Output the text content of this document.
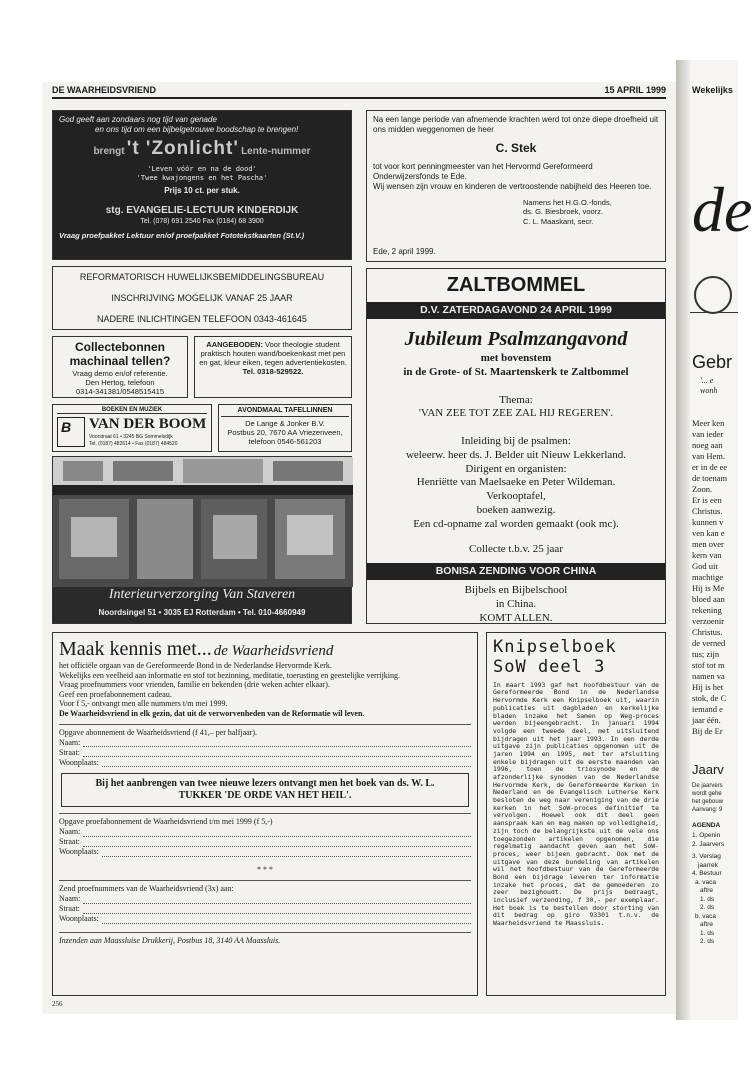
DE WAARHEIDSVRIEND	15 APRIL 1999
God geeft aan zondaars nog tijd van genade
en ons tijd om een bijbelgetrouwe boodschap te brengen!
brengt 't 'Zonlicht' Lente-nummer
'Leven vóór en na de dood'
'Twee kwajongens en het Pascha'
Prijs 10 ct. per stuk.
stg. EVANGELIE-LECTUUR KINDERDIJK
Tel. (078) 691 2540 Fax (0184) 68 3900
Vraag proefpakket Lektuur en/of proefpakket Fototekstkaarten (St.V.)
Na een lange periode van afnemende krachten werd tot onze diepe droefheid uit ons midden weggenomen de heer
C. Stek
tot voor kort penningmeester van het Hervormd Gereformeerd Onderwijzersfonds te Ede.
Wij wensen zijn vrouw en kinderen de vertroostende nabijheid des Heeren toe.
Namens het H.G.O.-fonds,
ds. G. Biesbroek, voorz.
C. L. Maaskant, secr.
Ede, 2 april 1999.
REFORMATORISCH HUWELIJKSBEMIDDELINGSBUREAU
INSCHRIJVING MOGELIJK VANAF 25 JAAR
NADERE INLICHTINGEN TELEFOON 0343-461645
Collectebonnen
machinaal tellen?
Vraag demo en/of referentie.
Den Hertog, telefoon
0314-341381/0548515415
AANGEBODEN: Voor theologie student praktisch houten wand/boekenkast met pen en gat, kleur eiken, tegen advertentiekosten.
Tel. 0318-529522.
BOEKEN EN MUZIEK
B VAN DER BOOM
Voorstraat 61 • 3245 BG Sommelsdijk
Tel. (0187) 482614 • Fax (0187) 484520
AVONDMAAL TAFELLINNEN
De Lange & Jonker B.V.
Postbus 20, 7670 AA Vriezenveen, telefoon 0546-561203
Interieurverzorging Van Staveren
Noordsingel 51 • 3035 EJ Rotterdam • Tel. 010-4660949
ZALTBOMMEL
D.V. ZATERDAGAVOND 24 APRIL 1999
Jubileum Psalmzangavond
met bovenstem
in de Grote- of St. Maartenskerk te Zaltbommel
Thema:
'VAN ZEE TOT ZEE ZAL HIJ REGEREN'.
Inleiding bij de psalmen:
weleerw. heer ds. J. Belder uit Nieuw Lekkerland.
Dirigent en organisten:
Henriëtte van Maelsaeke en Peter Wildeman.
Verkooptafel,
boeken aanwezig.
Een cd-opname zal worden gemaakt (ook mc).
Collecte t.b.v. 25 jaar
BONISA ZENDING VOOR CHINA
Bijbels en Bijbelschool
in China.
KOMT ALLEN.
Maak kennis met... de Waarheidsvriend
het officiële orgaan van de Gereformeerde Bond in de Nederlandse Hervormde Kerk.
Wekelijks een veelheid aan informatie en stof tot bezinning, meditatie, toerusting en geestelijke verrijking.
Vraag proefnummers voor vrienden, familie en bekenden (drie weken achter elkaar).
Geef een proefabonnement cadeau.
Voor f 5,- ontvangt men alle nummers t/m mei 1999.
De Waarheidsvriend in elk gezin, dat uit de verworvenheden van de Reformatie wil leven.
Opgave abonnement de Waarheidsvriend (f 41,– per halfjaar).
Naam:
Straat:
Woonplaats:
Bij het aanbrengen van twee nieuwe lezers ontvangt men het boek van ds. W. L. TUKKER 'DE ORDE VAN HET HEIL'.
Opgave proefabonnement de Waarheidsvriend t/m mei 1999 (f 5,-)
Naam:
Straat:
Woonplaats:
* * *
Zend proefnummers van de Waarheidsvriend (3x) aan:
Naam:
Straat:
Woonplaats:
Inzenden aan Maassluise Drukkerij, Postbus 18, 3140 AA Maassluis.
Knipselboek
SoW deel 3
In maart 1993 gaf het hoofdbestuur van de Gereformeerde Bond in de Nederlandse Hervormde Kerk een Knipselboek uit, waarin publicaties uit dagbladen en kerkelijke bladen inzake het Samen op Weg-proces werden bijeengebracht. In januari 1994 volgde een tweede deel, met uitsluitend bijdragen uit het jaar 1993. In een derde uitgave zijn publicaties opgenomen uit de jaren 1994 en 1995, met ter afsluiting enkele bijdragen uit de eerste maanden van 1996, toen de triosynode en de afzonderlijke synoden van de Nederlandse Hervormde Kerk, de Gereformeerde Kerken in Nederland en de Evangelisch Lutherse Kerk besloten de weg naar vereniging van de drie kerken in het SoW-proces definitief te vervolgen. Hoewel ook dit deel geen aanspraak kan en mag maken op volledigheid, zijn toch de belangrijkste uit de vele ons toegezonden artikelen opgenomen, die regelmatig aandacht geven aan het SoW-proces, weer bijeen gebracht. Ook met de uitgave van deze bundeling van artikelen wil het hoofdbestuur van de Gereformeerde Bond een bijdrage leveren ter informatie inzake het proces, dat de gemoederen zo zeer bezighoudt. De prijs bedraagt, inclusief verzending, f 30,- per exemplaar. Het boek is te bestellen door storting van dit bedrag op giro 93301 t.n.v. de Waarheidsvriend te Maassluis.
256
Wekelijks
de
Gebr
'... e
wonh
Meer ken
van ieder
noeg aan
van Hem.
er in de ee
de toenam
Zoon.
Er is een
Christus.
kunnen v
ven kan e
men over
kern van
God uit
machtige
Hij is Me
bloed aan
rekening
verzoenir
Christus.
de verned
tus; zijn
stof tot m
namen va
Hij is het
stok, de C
iemand e
jaar één.
Bij de Er
Jaarv
De jaarvers
wordt gehe
het gebouw
Aanvang: 9
AGENDA
1. Openin
2. Jaarvers
3. Verslag
jaarrek
4. Bestuur
a. vaca
aftre
1. ds
2. ds
b. vaca
aftre
1. ds
2. ds
